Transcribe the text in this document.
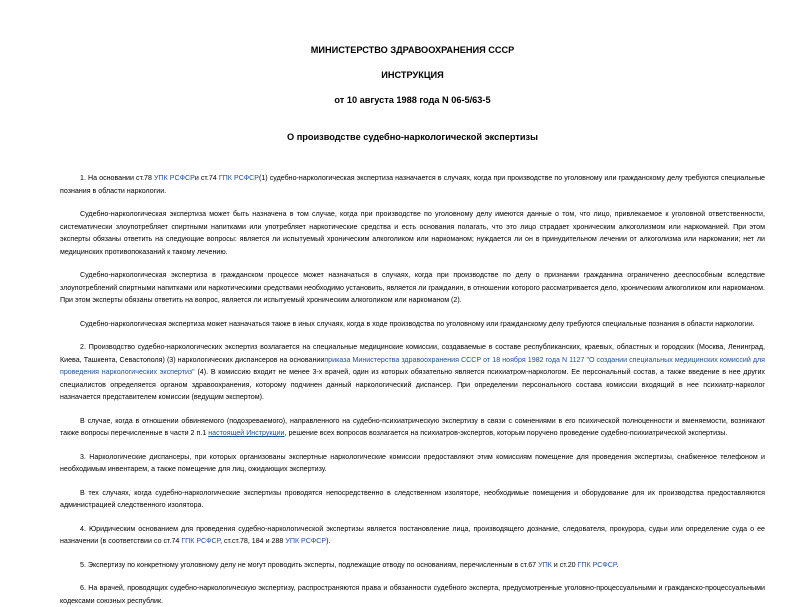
МИНИСТЕРСТВО ЗДРАВООХРАНЕНИЯ СССР
ИНСТРУКЦИЯ
от 10 августа 1988 года N 06-5/63-5
О производстве судебно-наркологической экспертизы

1. На основании ст.78 УПК РСФСРи ст.74 ГПК РСФСР(1) судебно-наркологическая экспертиза назначается в случаях, когда при производстве по уголовному или гражданскому делу требуются специальные познания в области наркологии.

Судебно-наркологическая экспертиза может быть назначена в том случае, когда при производстве по уголовному делу имеются данные о том, что лицо, привлекаемое к уголовной ответственности, систематически злоупотребляет спиртными напитками или употребляет наркотические средства и есть основания полагать, что это лицо страдает хроническим алкоголизмом или наркоманией. При этом эксперты обязаны ответить на следующие вопросы: является ли испытуемый хроническим алкоголиком или наркоманом; нуждается ли он в принудительном лечении от алкоголизма или наркомании; нет ли медицинских противопоказаний к такому лечению.

Судебно-наркологическая экспертиза в гражданском процессе может назначаться в случаях, когда при производстве по делу о признании гражданина ограниченно дееспособным вследствие злоупотреблений спиртными напитками или наркотическими средствами необходимо установить, является ли гражданин, в отношении которого рассматривается дело, хроническим алкоголиком или наркоманом. При этом эксперты обязаны ответить на вопрос, является ли испытуемый хроническим алкоголиком или наркоманом (2).

Судебно-наркологическая экспертиза может назначаться также в иных случаях, когда в ходе производства по уголовному или гражданскому делу требуются специальные познания в области наркологии.

2. Производство судебно-наркологических экспертиз возлагается на специальные медицинские комиссии, создаваемые в составе республиканских, краевых, областных и городских (Москва, Ленинград, Киева, Ташкента, Севастополя) (3) наркологических диспансеров на основанииприказа Министерства здравоохранения СССР от 18 ноября 1982 года N 1127 "О создании специальных медицинских комиссий для проведения наркологических экспертиз" (4). В комиссию входит не менее 3-х врачей, один из которых обязательно является психиатром-наркологом. Ее персональный состав, а также введение в нее других специалистов определяется органом здравоохранения, которому подчинен данный наркологический диспансер. При определении персонального состава комиссии входящий в нее психиатр-нарколог назначается представителем комиссии (ведущим экспертом).

В случае, когда в отношении обвиняемого (подозреваемого), направленного на судебно-психиатрическую экспертизу в связи с сомнениями в его психической полноценности и вменяемости, возникают также вопросы перечисленные в части 2 п.1 настоящей Инструкции, решение всех вопросов возлагается на психиатров-экспертов, которым поручено проведение судебно-психиатрической экспертизы.

3. Наркологические диспансеры, при которых организованы экспертные наркологические комиссии предоставляют этим комиссиям помещение для проведения экспертизы, снабженное телефоном и необходимым инвентарем, а также помещение для лиц, ожидающих экспертизу.

В тех случаях, когда судебно-наркологические экспертизы проводятся непосредственно в следственном изоляторе, необходимые помещения и оборудование для их производства предоставляются администрацией следственного изолятора.

4. Юридическим основанием для проведения судебно-наркологической экспертизы является постановление лица, производящего дознание, следователя, прокурора, судьи или определение суда о ее назначении (в соответствии со ст.74 ГПК РСФСР, ст.ст.78, 184 и 288 УПК РСФСР).

5. Экспертизу по конкретному уголовному делу не могут проводить эксперты, подлежащие отводу по основаниям, перечисленным в ст.67 УПК и ст.20 ГПК РСФСР.

6. На врачей, проводящих судебно-наркологическую экспертизу, распространяются права и обязанности судебного эксперта, предусмотренные уголовно-процессуальными и гражданско-процессуальными кодексами союзных республик.
